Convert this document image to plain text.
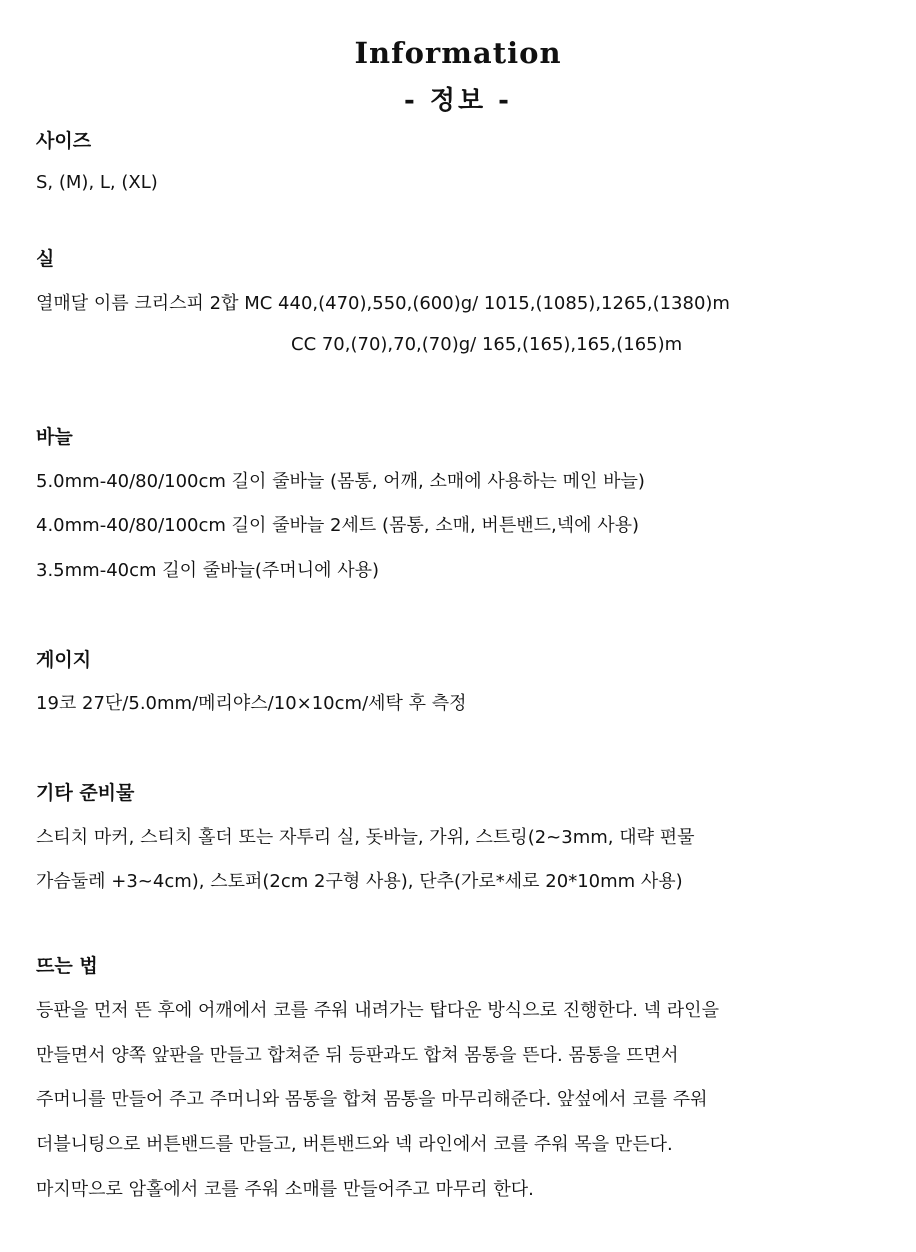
Information
- 정보 -
사이즈

S, (M), L, (XL)

실

열매달 이름 크리스피 2합 MC 440,(470),550,(600)g/ 1015,(1085),1265,(1380)m

CC 70,(70),70,(70)g/ 165,(165),165,(165)m

바늘

5.0mm-40/80/100cm 길이 줄바늘 (몸통, 어깨, 소매에 사용하는 메인 바늘)

4.0mm-40/80/100cm 길이 줄바늘 2세트 (몸통, 소매, 버튼밴드,넥에 사용)

3.5mm-40cm 길이 줄바늘(주머니에 사용)

게이지

19코 27단/5.0mm/메리야스/10×10cm/세탁 후 측정

기타 준비물

스티치 마커, 스티치 홀더 또는 자투리 실, 돗바늘, 가위, 스트링(2~3mm, 대략 편물

가슴둘레 +3~4cm), 스토퍼(2cm 2구형 사용), 단추(가로*세로 20*10mm 사용)

뜨는 법

등판을 먼저 뜬 후에 어깨에서 코를 주워 내려가는 탑다운 방식으로 진행한다. 넥 라인을

만들면서 양쪽 앞판을 만들고 합쳐준 뒤 등판과도 합쳐 몸통을 뜬다. 몸통을 뜨면서

주머니를 만들어 주고 주머니와 몸통을 합쳐 몸통을 마무리해준다. 앞섶에서 코를 주워

더블니팅으로 버튼밴드를 만들고, 버튼밴드와 넥 라인에서 코를 주워 목을 만든다.

마지막으로 암홀에서 코를 주워 소매를 만들어주고 마무리 한다.
